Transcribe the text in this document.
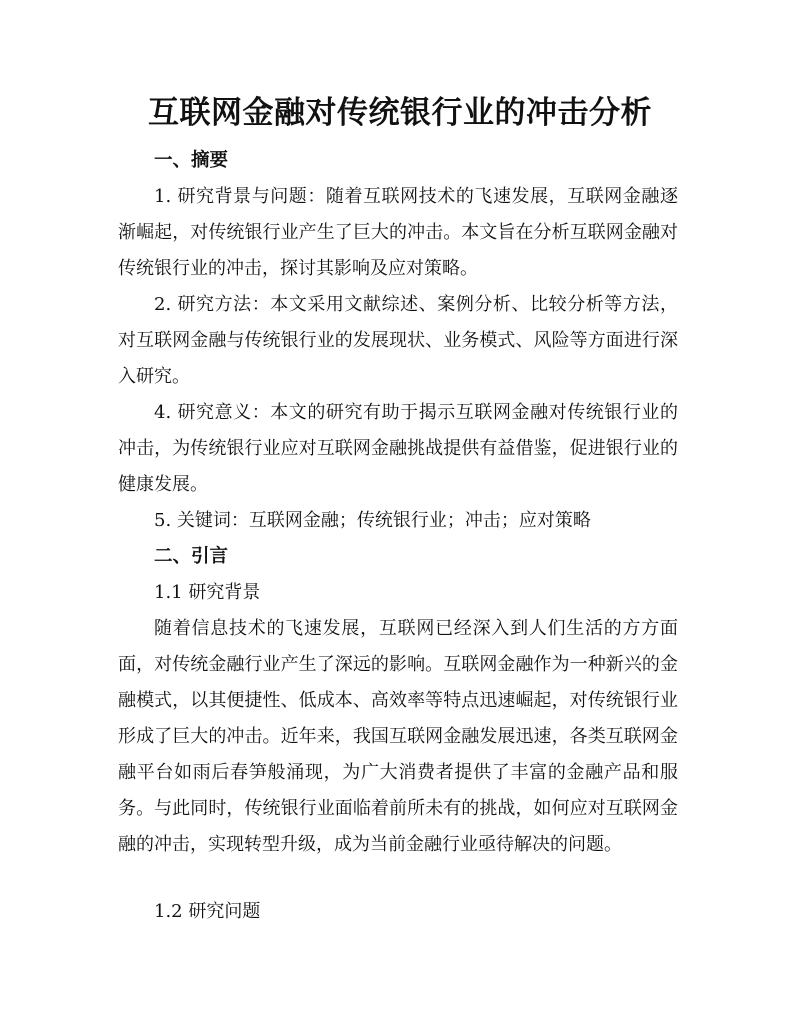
互联网金融对传统银行业的冲击分析
一、摘要
1. 研究背景与问题：随着互联网技术的飞速发展，互联网金融逐渐崛起，对传统银行业产生了巨大的冲击。本文旨在分析互联网金融对传统银行业的冲击，探讨其影响及应对策略。
2. 研究方法：本文采用文献综述、案例分析、比较分析等方法，对互联网金融与传统银行业的发展现状、业务模式、风险等方面进行深入研究。
4. 研究意义：本文的研究有助于揭示互联网金融对传统银行业的冲击，为传统银行业应对互联网金融挑战提供有益借鉴，促进银行业的健康发展。
5. 关键词：互联网金融；传统银行业；冲击；应对策略
二、引言
1.1 研究背景
随着信息技术的飞速发展，互联网已经深入到人们生活的方方面面，对传统金融行业产生了深远的影响。互联网金融作为一种新兴的金融模式，以其便捷性、低成本、高效率等特点迅速崛起，对传统银行业形成了巨大的冲击。近年来，我国互联网金融发展迅速，各类互联网金融平台如雨后春笋般涌现，为广大消费者提供了丰富的金融产品和服务。与此同时，传统银行业面临着前所未有的挑战，如何应对互联网金融的冲击，实现转型升级，成为当前金融行业亟待解决的问题。
1.2 研究问题
